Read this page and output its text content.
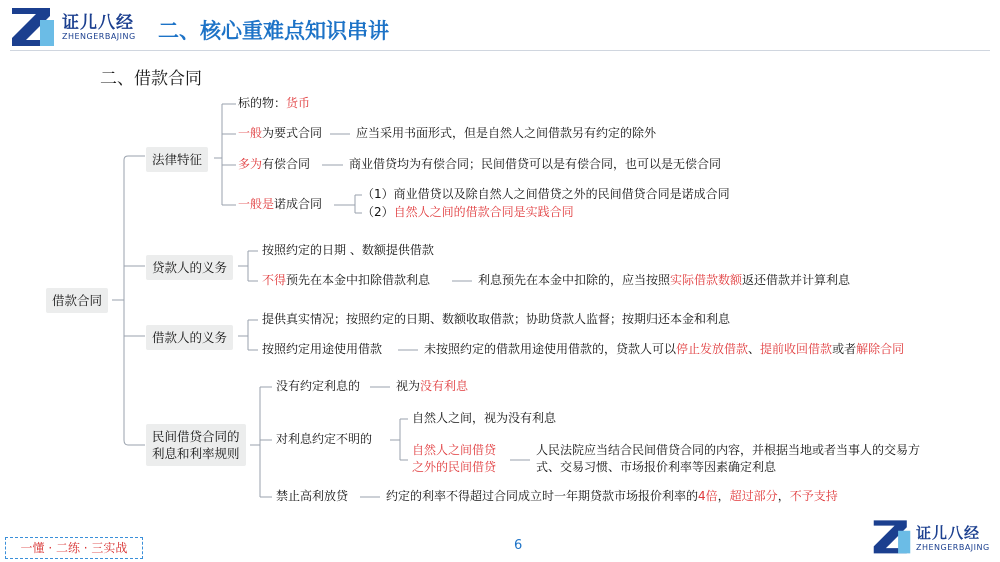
证儿八经
ZHENGERBAJING 二、核心重难点知识串讲
二、借款合同
借款合同
法律特征
标的物：货币
一般为要式合同	应当采用书面形式，但是自然人之间借款另有约定的除外
多为有偿合同	商业借贷均为有偿合同；民间借贷可以是有偿合同，也可以是无偿合同
一般是诺成合同
（1）商业借贷以及除自然人之间借贷之外的民间借贷合同是诺成合同
（2）自然人之间的借款合同是实践合同
贷款人的义务
按照约定的日期 、数额提供借款
不得预先在本金中扣除借款利息	利息预先在本金中扣除的，应当按照实际借款数额返还借款并计算利息
借款人的义务
提供真实情况；按照约定的日期、数额收取借款；协助贷款人监督；按期归还本金和利息
按照约定用途使用借款	未按照约定的借款用途使用借款的，贷款人可以停止发放借款、提前收回借款或者解除合同
民间借贷合同的
利息和利率规则
没有约定利息的	视为没有利息
对利息约定不明的
自然人之间，视为没有利息
自然人之间借贷
之外的民间借贷
人民法院应当结合民间借贷合同的内容，并根据当地或者当事人的交易方
式、交易习惯、市场报价利率等因素确定利息
禁止高利放贷	约定的利率不得超过合同成立时一年期贷款市场报价利率的4倍，超过部分，不予支持
一懂 · 二练 · 三实战	6
证儿八经
ZHENGERBAJING
